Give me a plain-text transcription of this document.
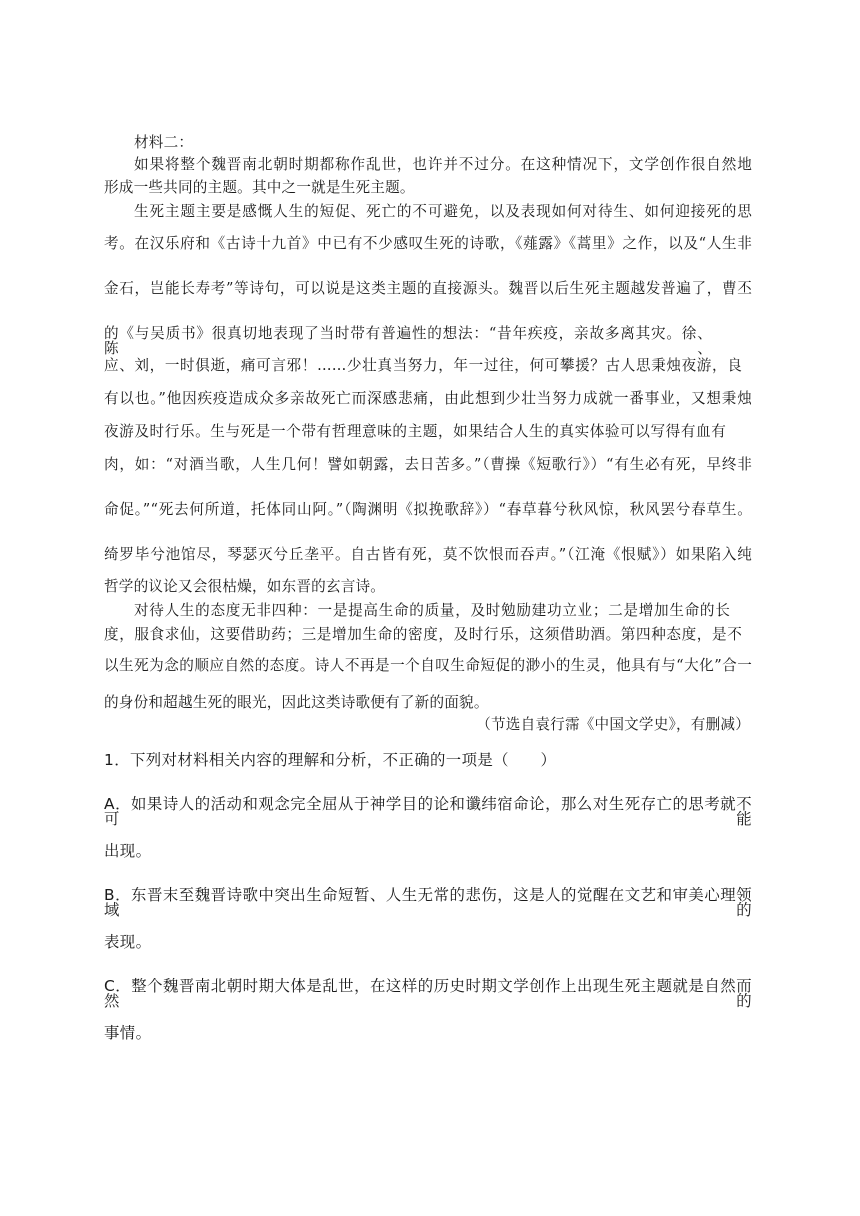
材料二：
如果将整个魏晋南北朝时期都称作乱世，也许并不过分。在这种情况下，文学创作很自然地
形成一些共同的主题。其中之一就是生死主题。
生死主题主要是感慨人生的短促、死亡的不可避免，以及表现如何对待生、如何迎接死的思
考。在汉乐府和《古诗十九首》中已有不少感叹生死的诗歌，《薤露》《蒿里》之作，以及“人生非
金石，岂能长寿考”等诗句，可以说是这类主题的直接源头。魏晋以后生死主题越发普遍了，曹丕
的《与吴质书》很真切地表现了当时带有普遍性的想法：“昔年疾疫，亲故多离其灾。徐、陈、
应、刘，一时俱逝，痛可言邪！……少壮真当努力，年一过往，何可攀援？古人思秉烛夜游，良
有以也。”他因疾疫造成众多亲故死亡而深感悲痛，由此想到少壮当努力成就一番事业，又想秉烛
夜游及时行乐。生与死是一个带有哲理意味的主题，如果结合人生的真实体验可以写得有血有
肉，如：“对酒当歌，人生几何！譬如朝露，去日苦多。”（曹操《短歌行》）“有生必有死，早终非
命促。”“死去何所道，托体同山阿。”（陶渊明《拟挽歌辞》）“春草暮兮秋风惊，秋风罢兮春草生。
绮罗毕兮池馆尽，琴瑟灭兮丘垄平。自古皆有死，莫不饮恨而吞声。”（江淹《恨赋》）如果陷入纯
哲学的议论又会很枯燥，如东晋的玄言诗。
对待人生的态度无非四种：一是提高生命的质量，及时勉励建功立业；二是增加生命的长
度，服食求仙，这要借助药；三是增加生命的密度，及时行乐，这须借助酒。第四种态度，是不
以生死为念的顺应自然的态度。诗人不再是一个自叹生命短促的渺小的生灵，他具有与“大化”合一
的身份和超越生死的眼光，因此这类诗歌便有了新的面貌。
（节选自袁行霈《中国文学史》，有删减）
1．下列对材料相关内容的理解和分析，不正确的一项是（　　）
A．如果诗人的活动和观念完全屈从于神学目的论和谶纬宿命论，那么对生死存亡的思考就不可能
出现。
B．东晋末至魏晋诗歌中突出生命短暂、人生无常的悲伤，这是人的觉醒在文艺和审美心理领域的
表现。
C．整个魏晋南北朝时期大体是乱世，在这样的历史时期文学创作上出现生死主题就是自然而然的
事情。
